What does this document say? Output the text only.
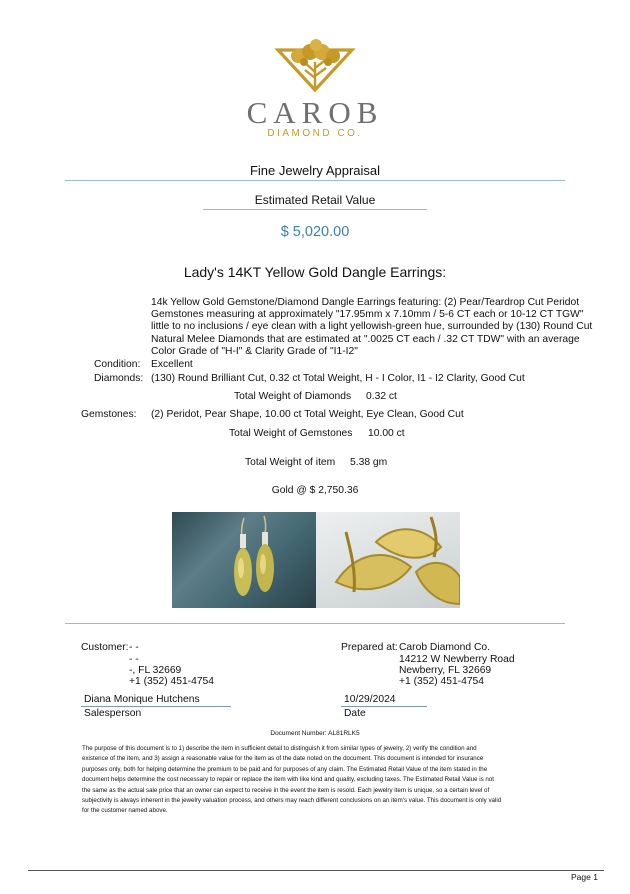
CAROB
DIAMOND CO.
Fine Jewelry Appraisal
Estimated Retail Value
$ 5,020.00
Lady's 14KT Yellow Gold Dangle Earrings:
14k Yellow Gold Gemstone/Diamond Dangle Earrings featuring: (2) Pear/Teardrop Cut Peridot
Gemstones measuring at approximately "17.95mm x 7.10mm / 5-6 CT each or 10-12 CT TGW"
little to no inclusions / eye clean with a light yellowish-green hue, surrounded by (130) Round Cut
Natural Melee Diamonds that are estimated at ".0025 CT each / .32 CT TDW" with an average
Color Grade of "H-I" & Clarity Grade of "I1-I2"
Condition: Excellent
Diamonds: (130) Round Brilliant Cut, 0.32 ct Total Weight, H - I Color, I1 - I2 Clarity, Good Cut
Total Weight of Diamonds 0.32 ct
Gemstones: (2) Peridot, Pear Shape, 10.00 ct Total Weight, Eye Clean, Good Cut
Total Weight of Gemstones 10.00 ct
Total Weight of item 5.38 gm
Gold @ $ 2,750.36
Customer: - -
- -
-, FL 32669
+1 (352) 451-4754
Prepared at: Carob Diamond Co.
14212 W Newberry Road
Newberry, FL 32669
+1 (352) 451-4754
Diana Monique Hutchens
Salesperson
10/29/2024
Date
Document Number: AL81RLK5
The purpose of this document is to 1) describe the item in sufficient detail to distinguish it from similar types of jewelry, 2) verify the condition and
existence of the item, and 3) assign a reasonable value for the item as of the date noted on the document. This document is intended for insurance
purposes only, both for helping determine the premium to be paid and for purposes of any claim. The Estimated Retail Value of the item stated in the
document helps determine the cost necessary to repair or replace the item with like kind and quality, excluding taxes. The Estimated Retail Value is not
the same as the actual sale price that an owner can expect to receive in the event the item is resold. Each jewelry item is unique, so a certain level of
subjectivity is always inherent in the jewelry valuation process, and others may reach different conclusions on an item's value. This document is only valid
for the customer named above.
Page 1
